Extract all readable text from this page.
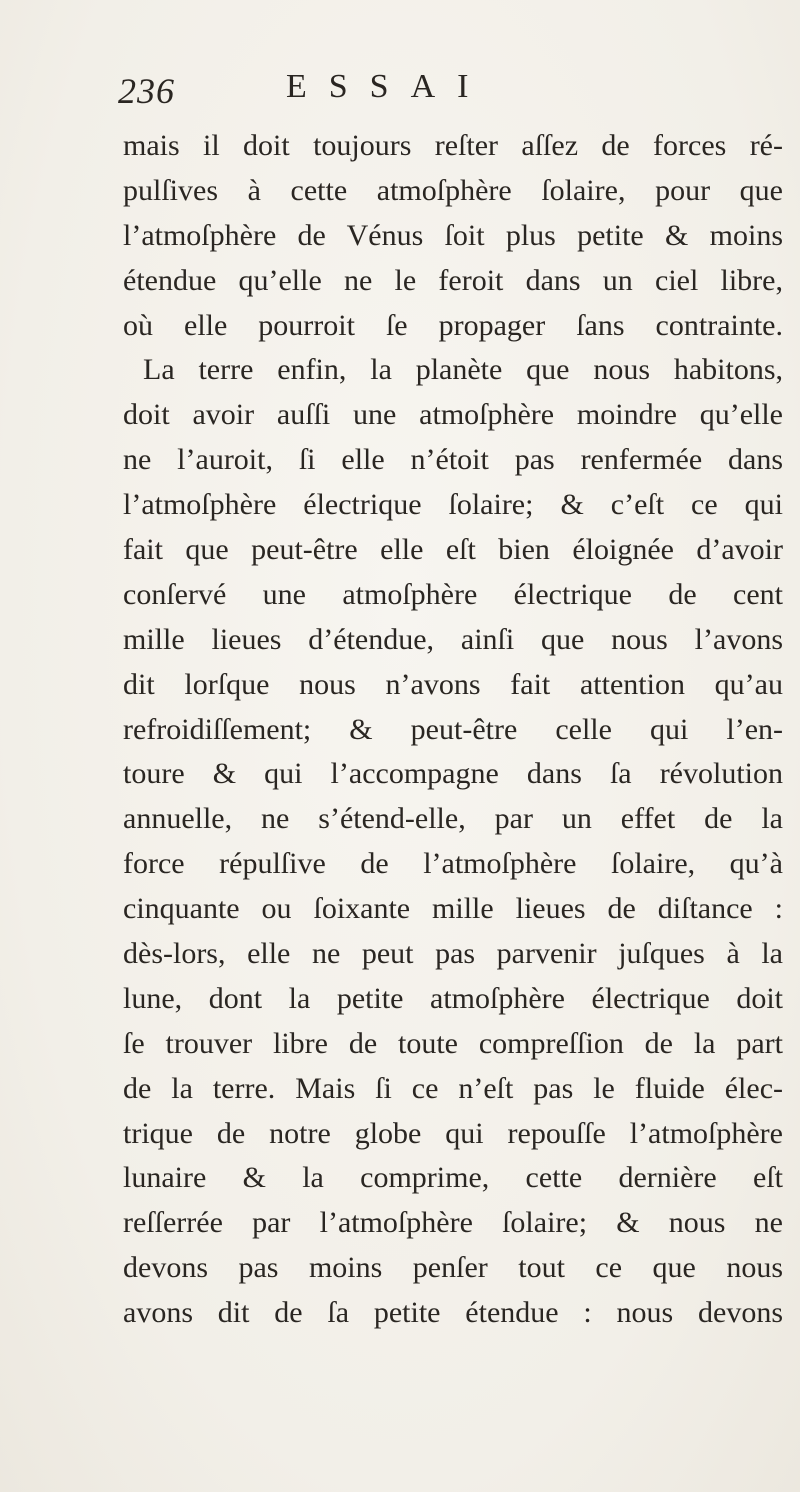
236	ESSAI
mais il doit toujours reſter aſſez de forces ré-
pulſives à cette atmoſphère ſolaire, pour que
l’atmoſphère de Vénus ſoit plus petite & moins
étendue qu’elle ne le feroit dans un ciel libre,
où elle pourroit ſe propager ſans contrainte.
La terre enfin, la planète que nous habitons,
doit avoir auſſi une atmoſphère moindre qu’elle
ne l’auroit, ſi elle n’étoit pas renfermée dans
l’atmoſphère électrique ſolaire; & c’eſt ce qui
fait que peut-être elle eſt bien éloignée d’avoir
conſervé une atmoſphère électrique de cent
mille lieues d’étendue, ainſi que nous l’avons
dit lorſque nous n’avons fait attention qu’au
refroidiſſement; & peut-être celle qui l’en-
toure & qui l’accompagne dans ſa révolution
annuelle, ne s’étend-elle, par un effet de la
force répulſive de l’atmoſphère ſolaire, qu’à
cinquante ou ſoixante mille lieues de diſtance :
dès-lors, elle ne peut pas parvenir juſques à la
lune, dont la petite atmoſphère électrique doit
ſe trouver libre de toute compreſſion de la part
de la terre. Mais ſi ce n’eſt pas le fluide élec-
trique de notre globe qui repouſſe l’atmoſphère
lunaire & la comprime, cette dernière eſt
reſſerrée par l’atmoſphère ſolaire; & nous ne
devons pas moins penſer tout ce que nous
avons dit de ſa petite étendue : nous devons
